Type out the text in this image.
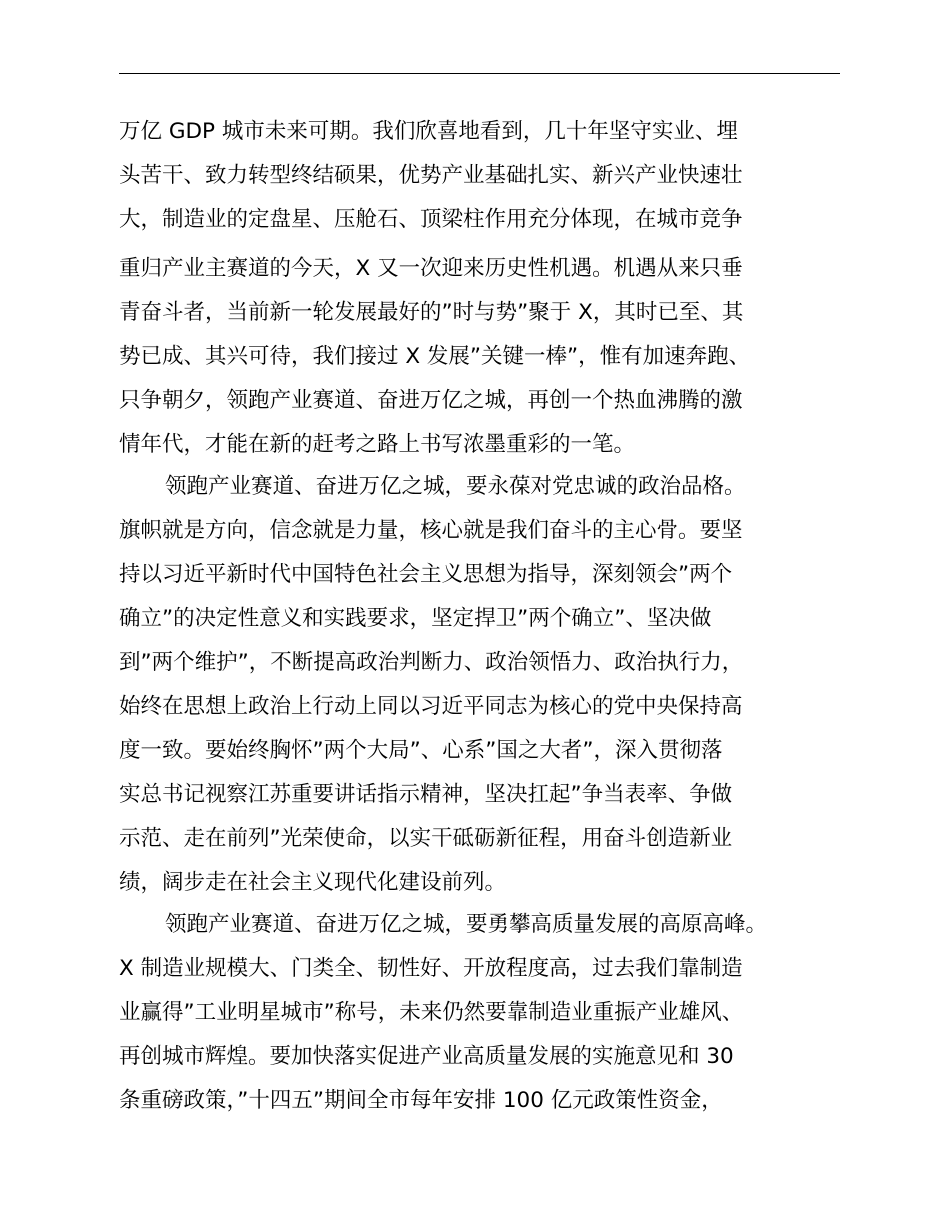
万亿 GDP 城市未来可期。我们欣喜地看到，几十年坚守实业、埋
头苦干、致力转型终结硕果，优势产业基础扎实、新兴产业快速壮
大，制造业的定盘星、压舱石、顶梁柱作用充分体现，在城市竞争
重归产业主赛道的今天，X 又一次迎来历史性机遇。机遇从来只垂
青奋斗者，当前新一轮发展最好的”时与势”聚于 X，其时已至、其
势已成、其兴可待，我们接过 X 发展”关键一棒”，惟有加速奔跑、
只争朝夕，领跑产业赛道、奋进万亿之城，再创一个热血沸腾的激
情年代，才能在新的赶考之路上书写浓墨重彩的一笔。
领跑产业赛道、奋进万亿之城，要永葆对党忠诚的政治品格。
旗帜就是方向，信念就是力量，核心就是我们奋斗的主心骨。要坚
持以习近平新时代中国特色社会主义思想为指导，深刻领会”两个
确立”的决定性意义和实践要求，坚定捍卫”两个确立”、坚决做
到”两个维护”，不断提高政治判断力、政治领悟力、政治执行力，
始终在思想上政治上行动上同以习近平同志为核心的党中央保持高
度一致。要始终胸怀”两个大局”、心系”国之大者”，深入贯彻落
实总书记视察江苏重要讲话指示精神，坚决扛起”争当表率、争做
示范、走在前列”光荣使命，以实干砥砺新征程，用奋斗创造新业
绩，阔步走在社会主义现代化建设前列。
领跑产业赛道、奋进万亿之城，要勇攀高质量发展的高原高峰。
X 制造业规模大、门类全、韧性好、开放程度高，过去我们靠制造
业赢得”工业明星城市”称号，未来仍然要靠制造业重振产业雄风、
再创城市辉煌。要加快落实促进产业高质量发展的实施意见和 30
条重磅政策，”十四五”期间全市每年安排 100 亿元政策性资金，
